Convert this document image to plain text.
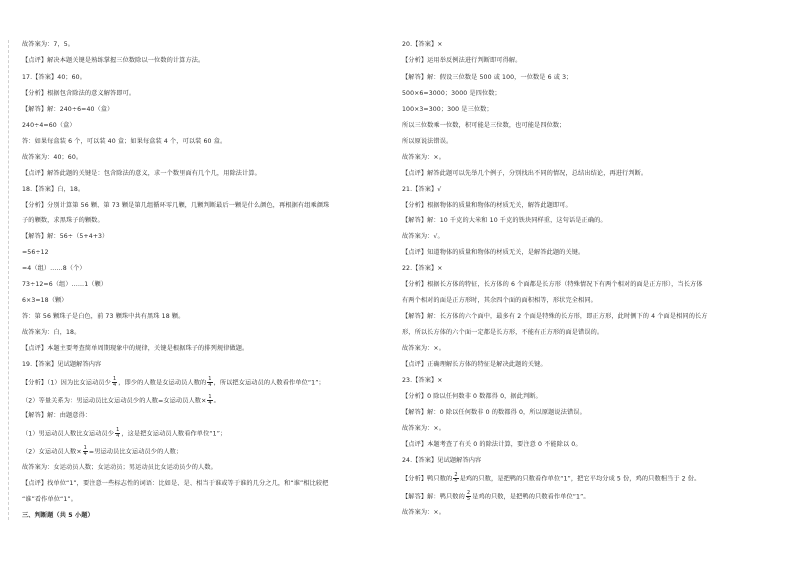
故答案为：7，5。
【点评】解决本题关键是熟练掌握三位数除以一位数的计算方法。
17.【答案】40；60。
【分析】根据包含除法的意义解答即可。
【解答】解：240÷6=40（盒）
240÷4=60（盒）
答：如果每盒装 6 个，可以装 40 盒；如果每盒装 4 个，可以装 60 盒。
故答案为：40；60。
【点评】解答此题的关键是：包含除法的意义，求一个数里面有几个几，用除法计算。
18.【答案】白，18。
【分析】分别计算第 56 颗、第 73 颗是第几组循环零几颗，几颗判断最后一颗是什么颜色，再根据有组乘颜珠
子的颗数，求黑珠子的颗数。
【解答】解：56÷（5+4+3）
=56÷12
=4（组）……8（个）
73÷12=6（组）……1（颗）
6×3=18（颗）
答：第 56 颗珠子是白色，前 73 颗珠中共有黑珠 18 颗。
故答案为：白，18。
【点评】本题主要考查简单周期现象中的规律，关键是根据珠子的排列规律做题。
19.【答案】见试题解答内容
【分析】（1）因为比女运动员少 $\frac{1}{4}$ ，即少的人数是女运动员人数的 $\frac{1}{4}$ ，所以把女运动员的人数看作单位“1”；
（2）等量关系为：男运动员比女运动员少的人数=女运动员人数× $\frac{1}{4}$ 。
【解答】解：由题意得：
（1）男运动员人数比女运动员少 $\frac{1}{4}$ ，这是把女运动员人数看作单位“1”；
（2）女运动员人数× $\frac{1}{4}$ =男运动员比女运动员少的人数；
故答案为：女运动员人数；女运动员；男运动员比女运动员少的人数。
【点评】找单位“1”，要注意一些标志性的词语：比如是、是、相当于谁或等于谁的几分之几，和“谁”相比较把
“谁”看作单位“1”。
三、判断题（共 5 小题）
20.【答案】×
【分析】运用举反例法进行判断即可得解。
【解答】解：假设三位数是 500 或 100，一位数是 6 或 3；
500×6=3000；3000 是四位数；
100×3=300；300 是三位数；
所以三位数乘一位数，积可能是三位数，也可能是四位数；
所以原说法错误。
故答案为：×。
【点评】解答此题可以先举几个例子，分别找出不同的情况，总结出结论，再进行判断。
21.【答案】√
【分析】根据物体的质量和物体的材质无关，解答此题即可。
【解答】解：10 千克的大米和 10 千克的铁块同样重，这句话是正确的。
故答案为：√。
【点评】知道物体的质量和物体的材质无关，是解答此题的关键。
22.【答案】×
【分析】根据长方体的特征，长方体的 6 个面都是长方形（特殊情况下有两个相对的面是正方形），当长方体
有两个相对的面是正方形时，其余四个面的面积相等，形状完全相同。
【解答】解：长方体的六个面中，最多有 2 个面是特殊的长方形，即正方形，此时侧下的 4 个面是相同的长方
形，所以长方体的六个面一定都是长方形，不能有正方形的面是错误的。
故答案为：×。
【点评】正确理解长方体的特征是解决此题的关键。
23.【答案】×
【分析】0 除以任何数非 0 数都得 0，据此判断。
【解答】解：0 除以任何数非 0 的数都得 0，所以原题说法错误。
故答案为：×。
【点评】本题考查了有关 0 的除法计算，要注意 0 不能除以 0。
24.【答案】见试题解答内容
【分析】鸭只数的 $\frac{2}{5}$ 是鸡的只数，是把鸭的只数看作单位“1”，把它平均分成 5 份，鸡的只数相当于 2 份。
【解答】解：鸭只数的 $\frac{2}{5}$ 是鸡的只数，是把鸭的只数看作单位“1”。
故答案为：×。
